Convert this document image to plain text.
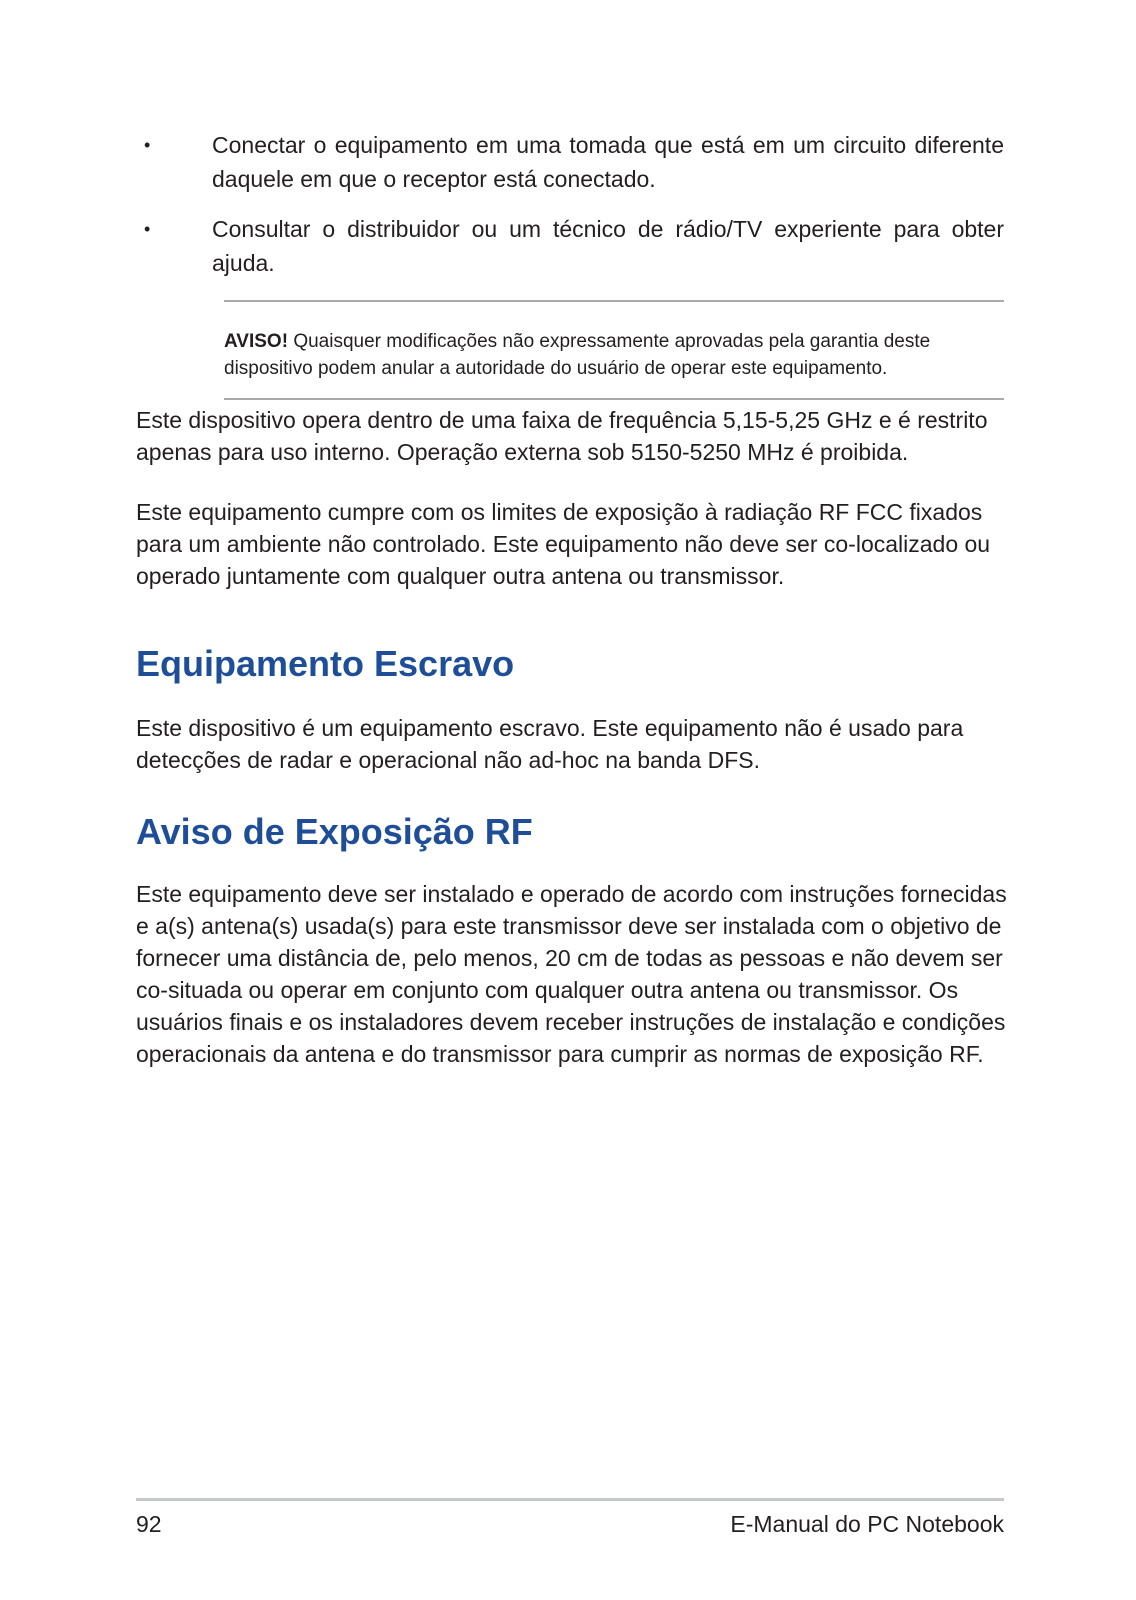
•	Conectar o equipamento em uma tomada que está em um circuito diferente daquele em que o receptor está conectado.
•	Consultar o distribuidor ou um técnico de rádio/TV experiente para obter ajuda.
AVISO! Quaisquer modificações não expressamente aprovadas pela garantia deste dispositivo podem anular a autoridade do usuário de operar este equipamento.

Este dispositivo opera dentro de uma faixa de frequência 5,15-5,25 GHz e é restrito apenas para uso interno. Operação externa sob 5150-5250 MHz é proibida.

Este equipamento cumpre com os limites de exposição à radiação RF FCC fixados para um ambiente não controlado. Este equipamento não deve ser co-localizado ou operado juntamente com qualquer outra antena ou transmissor.

Equipamento Escravo

Este dispositivo é um equipamento escravo. Este equipamento não é usado para detecções de radar e operacional não ad-hoc na banda DFS.

Aviso de Exposição RF

Este equipamento deve ser instalado e operado de acordo com instruções fornecidas e a(s) antena(s) usada(s) para este transmissor deve ser instalada com o objetivo de fornecer uma distância de, pelo menos, 20 cm de todas as pessoas e não devem ser co-situada ou operar em conjunto com qualquer outra antena ou transmissor. Os usuários finais e os instaladores devem receber instruções de instalação e condições operacionais da antena e do transmissor para cumprir as normas de exposição RF.

92	E-Manual do PC Notebook
